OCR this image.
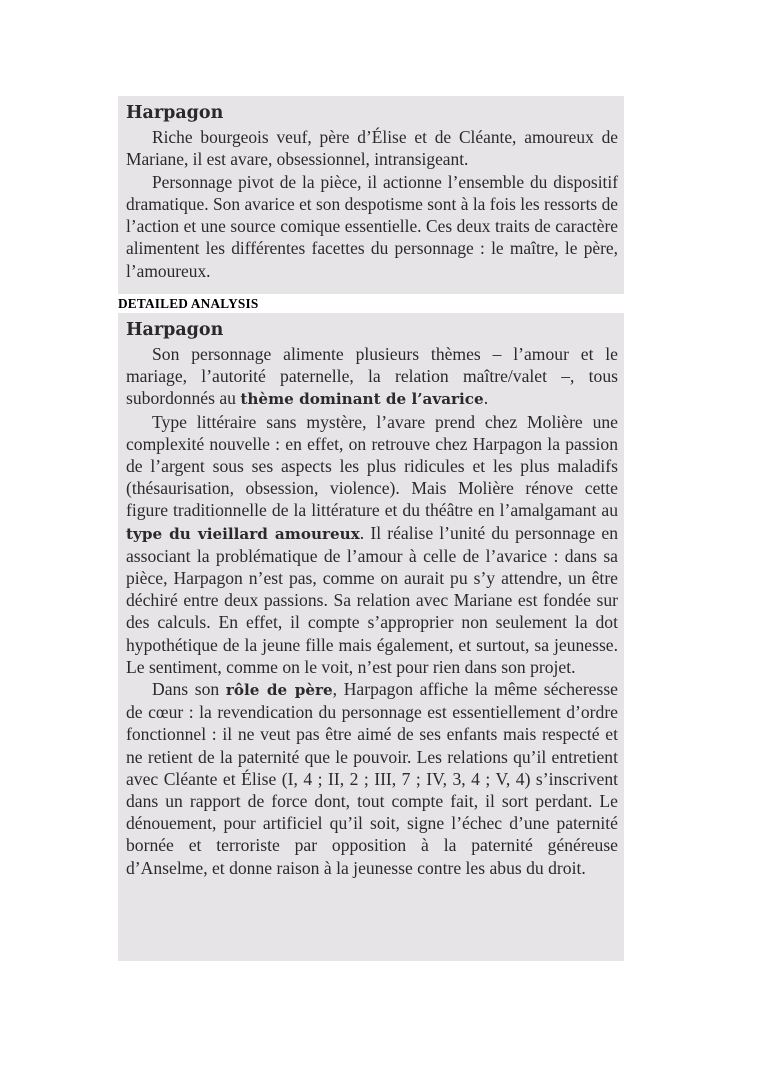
Harpagon

Riche bourgeois veuf, père d’Élise et de Cléante, amoureux de Mariane, il est avare, obsessionnel, intransigeant.

Personnage pivot de la pièce, il actionne l’ensemble du dispositif dramatique. Son avarice et son despotisme sont à la fois les ressorts de l’action et une source comique essentielle. Ces deux traits de caractère alimentent les différentes facettes du personnage : le maître, le père, l’amoureux.

DETAILED ANALYSIS
Harpagon

Son personnage alimente plusieurs thèmes – l’amour et le mariage, l’autorité paternelle, la relation maître/valet –, tous subordonnés au thème dominant de l’avarice.

Type littéraire sans mystère, l’avare prend chez Molière une complexité nouvelle : en effet, on retrouve chez Harpagon la passion de l’argent sous ses aspects les plus ridicules et les plus maladifs (thésaurisation, obsession, violence). Mais Molière rénove cette figure traditionnelle de la littérature et du théâtre en l’amalgamant au type du vieillard amoureux. Il réalise l’unité du personnage en associant la problématique de l’amour à celle de l’avarice : dans sa pièce, Harpagon n’est pas, comme on aurait pu s’y attendre, un être déchiré entre deux passions. Sa relation avec Mariane est fondée sur des calculs. En effet, il compte s’approprier non seulement la dot hypothétique de la jeune fille mais également, et surtout, sa jeunesse. Le sentiment, comme on le voit, n’est pour rien dans son projet.

Dans son rôle de père, Harpagon affiche la même sécheresse de cœur : la revendication du personnage est essentiellement d’ordre fonctionnel : il ne veut pas être aimé de ses enfants mais respecté et ne retient de la paternité que le pouvoir. Les relations qu’il entretient avec Cléante et Élise (I, 4 ; II, 2 ; III, 7 ; IV, 3, 4 ; V, 4) s’inscrivent dans un rapport de force dont, tout compte fait, il sort perdant. Le dénouement, pour artificiel qu’il soit, signe l’échec d’une paternité bornée et terroriste par opposition à la paternité généreuse d’Anselme, et donne raison à la jeunesse contre les abus du droit.
